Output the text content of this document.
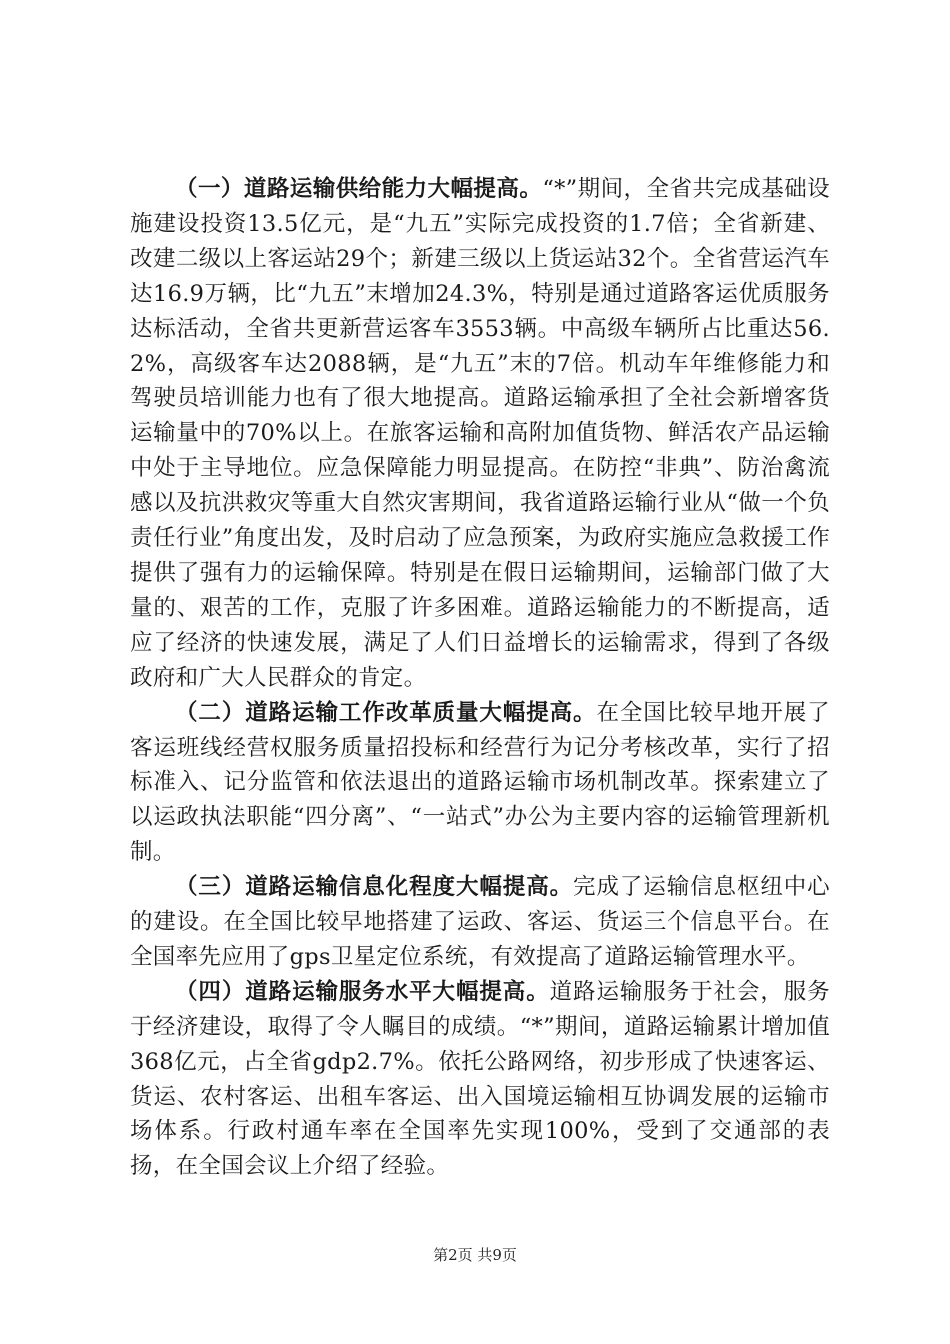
（一）道路运输供给能力大幅提高。“*”期间，全省共完成基础设施建设投资13.5亿元，是“九五”实际完成投资的1.7倍；全省新建、改建二级以上客运站29个；新建三级以上货运站32个。全省营运汽车达16.9万辆，比“九五”末增加24.3%，特别是通过道路客运优质服务达标活动，全省共更新营运客车3553辆。中高级车辆所占比重达56.2%，高级客车达2088辆，是“九五”末的7倍。机动车年维修能力和驾驶员培训能力也有了很大地提高。道路运输承担了全社会新增客货运输量中的70%以上。在旅客运输和高附加值货物、鲜活农产品运输中处于主导地位。应急保障能力明显提高。在防控“非典”、防治禽流感以及抗洪救灾等重大自然灾害期间，我省道路运输行业从“做一个负责任行业”角度出发，及时启动了应急预案，为政府实施应急救援工作提供了强有力的运输保障。特别是在假日运输期间，运输部门做了大量的、艰苦的工作，克服了许多困难。道路运输能力的不断提高，适应了经济的快速发展，满足了人们日益增长的运输需求，得到了各级政府和广大人民群众的肯定。

（二）道路运输工作改革质量大幅提高。在全国比较早地开展了客运班线经营权服务质量招投标和经营行为记分考核改革，实行了招标准入、记分监管和依法退出的道路运输市场机制改革。探索建立了以运政执法职能“四分离”、“一站式”办公为主要内容的运输管理新机制。

（三）道路运输信息化程度大幅提高。完成了运输信息枢纽中心的建设。在全国比较早地搭建了运政、客运、货运三个信息平台。在全国率先应用了gps卫星定位系统，有效提高了道路运输管理水平。

（四）道路运输服务水平大幅提高。道路运输服务于社会，服务于经济建设，取得了令人瞩目的成绩。“*”期间，道路运输累计增加值368亿元，占全省gdp2.7%。依托公路网络，初步形成了快速客运、货运、农村客运、出租车客运、出入国境运输相互协调发展的运输市场体系。行政村通车率在全国率先实现100%，受到了交通部的表扬，在全国会议上介绍了经验。

第2页 共9页
